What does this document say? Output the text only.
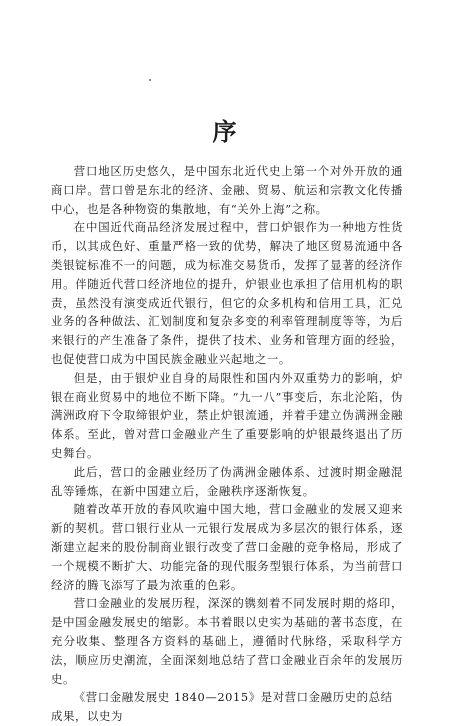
序

营口地区历史悠久，是中国东北近代史上第一个对外开放的通商口岸。营口曾是东北的经济、金融、贸易、航运和宗教文化传播中心，也是各种物资的集散地，有“关外上海”之称。

在中国近代商品经济发展过程中，营口炉银作为一种地方性货币，以其成色好、重量严格一致的优势，解决了地区贸易流通中各类银锭标准不一的问题，成为标准交易货币，发挥了显著的经济作用。伴随近代营口经济地位的提升，炉银业也承担了信用机构的职责，虽然没有演变成近代银行，但它的众多机构和信用工具，汇兑业务的各种做法、汇划制度和复杂多变的利率管理制度等等，为后来银行的产生准备了条件，提供了技术、业务和管理方面的经验，也促使营口成为中国民族金融业兴起地之一。

但是，由于银炉业自身的局限性和国内外双重势力的影响，炉银在商业贸易中的地位不断下降。“九一八”事变后，东北沦陷，伪满洲政府下令取缔银炉业，禁止炉银流通，并着手建立伪满洲金融体系。至此，曾对营口金融业产生了重要影响的炉银最终退出了历史舞台。

此后，营口的金融业经历了伪满洲金融体系、过渡时期金融混乱等锤炼，在新中国建立后，金融秩序逐渐恢复。

随着改革开放的春风吹遍中国大地，营口金融业的发展又迎来新的契机。营口银行业从一元银行发展成为多层次的银行体系，逐渐建立起来的股份制商业银行改变了营口金融的竞争格局，形成了一个规模不断扩大、功能完备的现代服务型银行体系，为当前营口经济的腾飞添写了最为浓重的色彩。

营口金融业的发展历程，深深的镌刻着不同发展时期的烙印，是中国金融发展史的缩影。本书着眼以史实为基础的著书态度，在充分收集、整理各方资料的基础上，遵循时代脉络，采取科学方法，顺应历史潮流，全面深刻地总结了营口金融业百余年的发展历史。

《营口金融发展史 1840—2015》是对营口金融历史的总结成果，以史为
